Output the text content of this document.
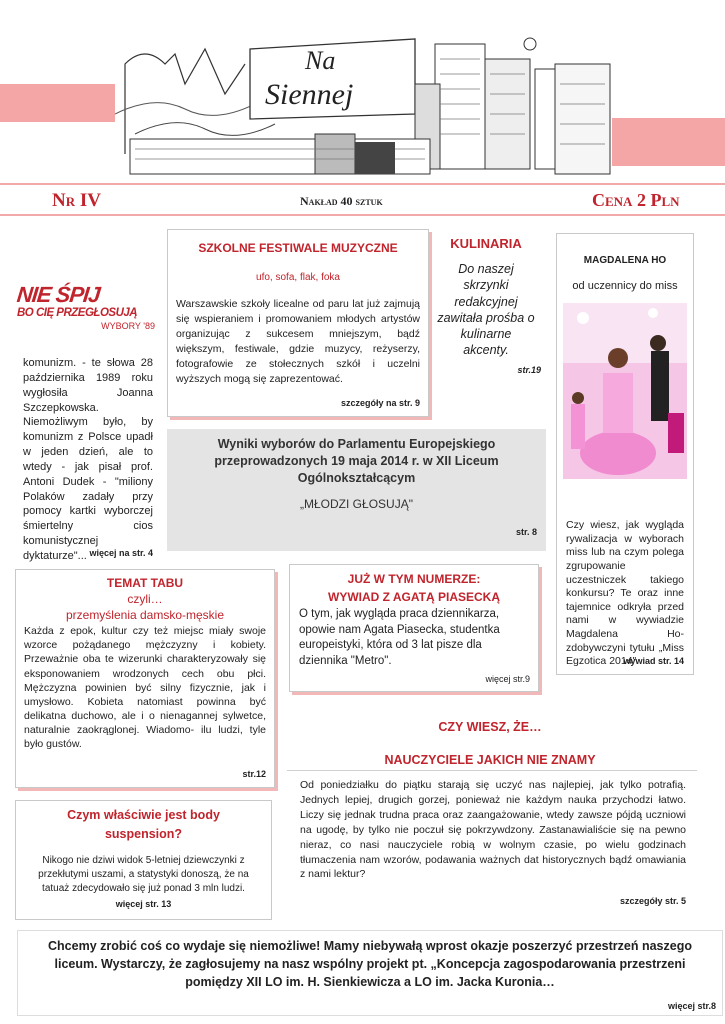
Na
Siennej
Nr IV	Nakład 40 sztuk	Cena 2 Pln
NIE ŚPIJ
BO CIĘ PRZEGŁOSUJĄ
WYBORY '89
komunizm. - te słowa 28 października 1989 roku wygłosiła Joanna Szczepkowska. Niemożliwym było, by komunizm z Polsce upadł w jeden dzień, ale to wtedy - jak pisał prof. Antoni Dudek - "miliony Polaków zadały przy pomocy kartki wyborczej śmiertelny cios komunistycznej dyktaturze"... więcej na str. 4
SZKOLNE FESTIWALE MUZYCZNE
ufo, sofa, flak, foka
Warszawskie szkoły licealne od paru lat już zajmują się wspieraniem i promowaniem młodych artystów organizując z sukcesem mniejszym, bądź większym, festiwale, gdzie muzycy, reżyserzy, fotografowie ze stołecznych szkół i uczelni wyższych mogą się zaprezentować.
szczegóły na str. 9
KULINARIA
Do naszej skrzynki redakcyjnej zawitała prośba o kulinarne akcenty.
str.19
MAGDALENA HO
od uczennicy do miss
Czy wiesz, jak wygląda rywalizacja w wyborach miss lub na czym polega zgrupowanie uczestniczek takiego konkursu? Te oraz inne tajemnice odkryła przed nami w wywiadzie Magdalena Ho-zdobywczyni tytułu „Miss Egzotica 2014".
wywiad str. 14
Wyniki wyborów do Parlamentu Europejskiego przeprowadzonych 19 maja 2014 r. w XII Liceum Ogólnokształcącym
„MŁODZI GŁOSUJĄ"
str. 8
TEMAT TABU
czyli…
przemyślenia damsko-męskie
Każda z epok, kultur czy też miejsc miały swoje wzorce pożądanego mężczyzny i kobiety. Przeważnie oba te wizerunki charakteryzowały się eksponowaniem wrodzonych cech obu płci. Mężczyzna powinien być silny fizycznie, jak i umysłowo. Kobieta natomiast powinna być delikatna duchowo, ale i o nienagannej sylwetce, naturalnie zaokrąglonej. Wiadomo- ilu ludzi, tyle było gustów.
str.12
JUŻ W TYM NUMERZE:
WYWIAD Z AGATĄ PIASECKĄ
O tym, jak wygląda praca dziennikarza, opowie nam Agata Piasecka, studentka europeistyki, która od 3 lat pisze dla dziennika "Metro".
więcej str.9
CZY WIESZ, ŻE…
NAUCZYCIELE JAKICH NIE ZNAMY
Od poniedziałku do piątku starają się uczyć nas najlepiej, jak tylko potrafią. Jednych lepiej, drugich gorzej, ponieważ nie każdym nauka przychodzi łatwo. Liczy się jednak trudna praca oraz zaangażowanie, wtedy zawsze pójdą uczniowi na ugodę, by tylko nie poczuł się pokrzywdzony. Zastanawialiście się na pewno nieraz, co nasi nauczyciele robią w wolnym czasie, po wielu godzinach tłumaczenia nam wzorów, podawania ważnych dat historycznych bądź omawiania z nami lektur?
szczegóły str. 5
Czym właściwie jest body suspension?
Nikogo nie dziwi widok 5-letniej dziewczynki z przekłutymi uszami, a statystyki donoszą, że na tatuaż zdecydowało się już ponad 3 mln ludzi.
więcej str. 13
Chcemy zrobić coś co wydaje się niemożliwe! Mamy niebywałą wprost okazje poszerzyć przestrzeń naszego liceum. Wystarczy, że zagłosujemy na nasz wspólny projekt pt. „Koncepcja zagospodarowania przestrzeni pomiędzy XII LO im. H. Sienkiewicza a LO im. Jacka Kuronia…
więcej str.8
